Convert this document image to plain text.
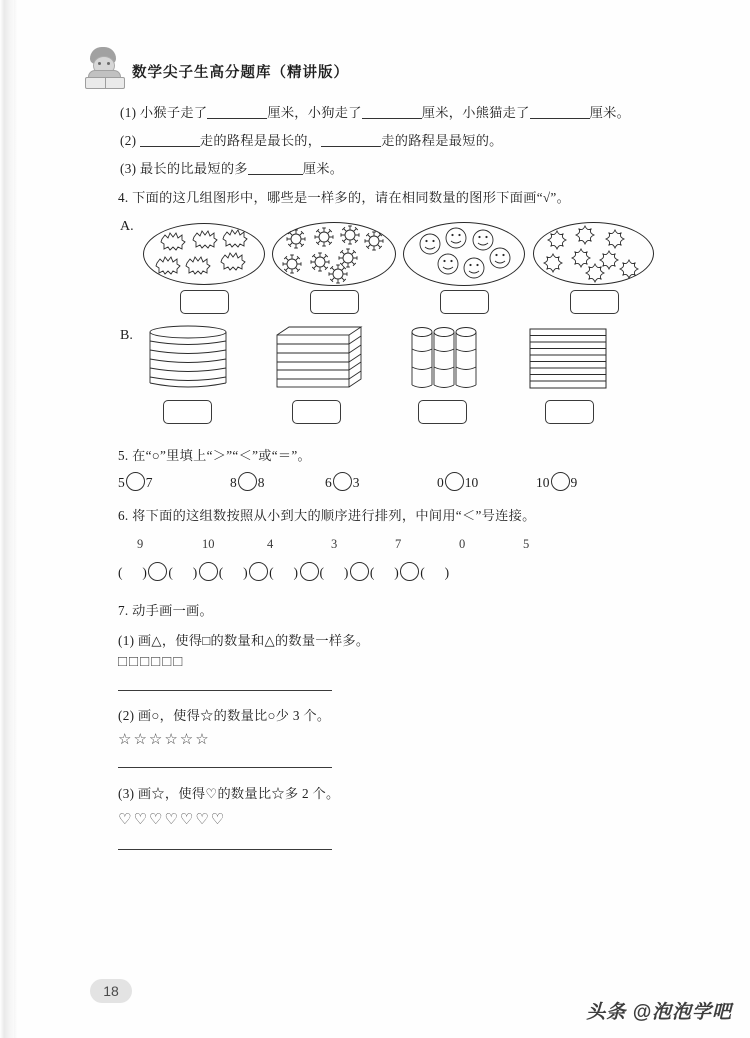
数学尖子生高分题库（精讲版）
(1) 小猴子走了	厘米，小狗走了	厘米，小熊猫走了	厘米。
(2)	走的路程是最长的，	走的路程是最短的。
(3) 最长的比最短的多	厘米。
4. 下面的这几组图形中，哪些是一样多的，请在相同数量的图形下面画“√”。
A.
B.
5. 在“○”里填上“＞”“＜”或“＝”。
5 7	8 8	6 3	0 10	10 9
6. 将下面的这组数按照从小到大的顺序进行排列，中间用“＜”号连接。
9	10	4	3	7	0	5
(     ) (     ) (     ) (     ) (     ) (     ) (     )
7. 动手画一画。
(1) 画△，使得□的数量和△的数量一样多。
□□□□□□
(2) 画○，使得☆的数量比○少 3 个。
☆☆☆☆☆☆
(3) 画☆，使得♡的数量比☆多 2 个。
♡♡♡♡♡♡♡
18
头条 @泡泡学吧
